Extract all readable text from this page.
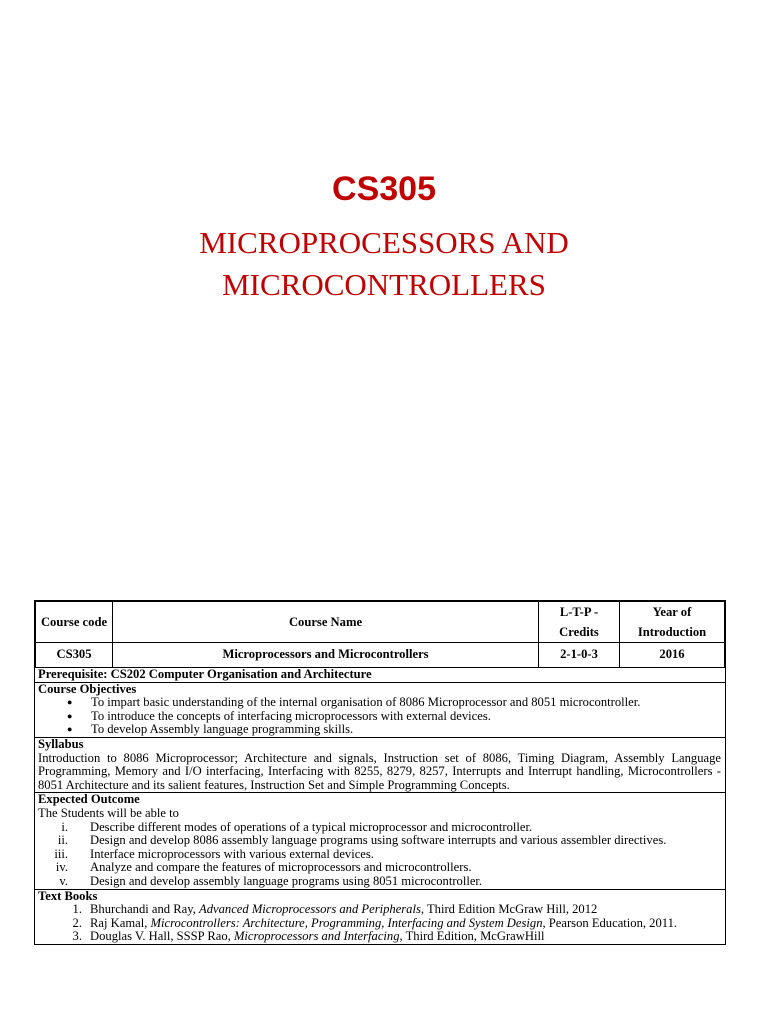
CS305
MICROPROCESSORS AND
MICROCONTROLLERS
Course code	Course Name	L-T-P - Credits	Year of Introduction
CS305	Microprocessors and Microcontrollers	2-1-0-3	2016
Prerequisite: CS202 Computer Organisation and Architecture
Course Objectives
● To impart basic understanding of the internal organisation of 8086 Microprocessor and 8051 microcontroller.
● To introduce the concepts of interfacing microprocessors with external devices.
● To develop Assembly language programming skills.
Syllabus
Introduction to 8086 Microprocessor; Architecture and signals, Instruction set of 8086, Timing Diagram, Assembly Language Programming, Memory and I/O interfacing, Interfacing with 8255, 8279, 8257, Interrupts and Interrupt handling, Microcontrollers - 8051 Architecture and its salient features, Instruction Set and Simple Programming Concepts.
Expected Outcome
The Students will be able to
i. Describe different modes of operations of a typical microprocessor and microcontroller.
ii. Design and develop 8086 assembly language programs using software interrupts and various assembler directives.
iii. Interface microprocessors with various external devices.
iv. Analyze and compare the features of microprocessors and microcontrollers.
v. Design and develop assembly language programs using 8051 microcontroller.
Text Books
1. Bhurchandi and Ray, Advanced Microprocessors and Peripherals, Third Edition McGraw Hill, 2012
2. Raj Kamal, Microcontrollers: Architecture, Programming, Interfacing and System Design, Pearson Education, 2011.
3. Douglas V. Hall, SSSP Rao, Microprocessors and Interfacing, Third Edition, McGrawHill
